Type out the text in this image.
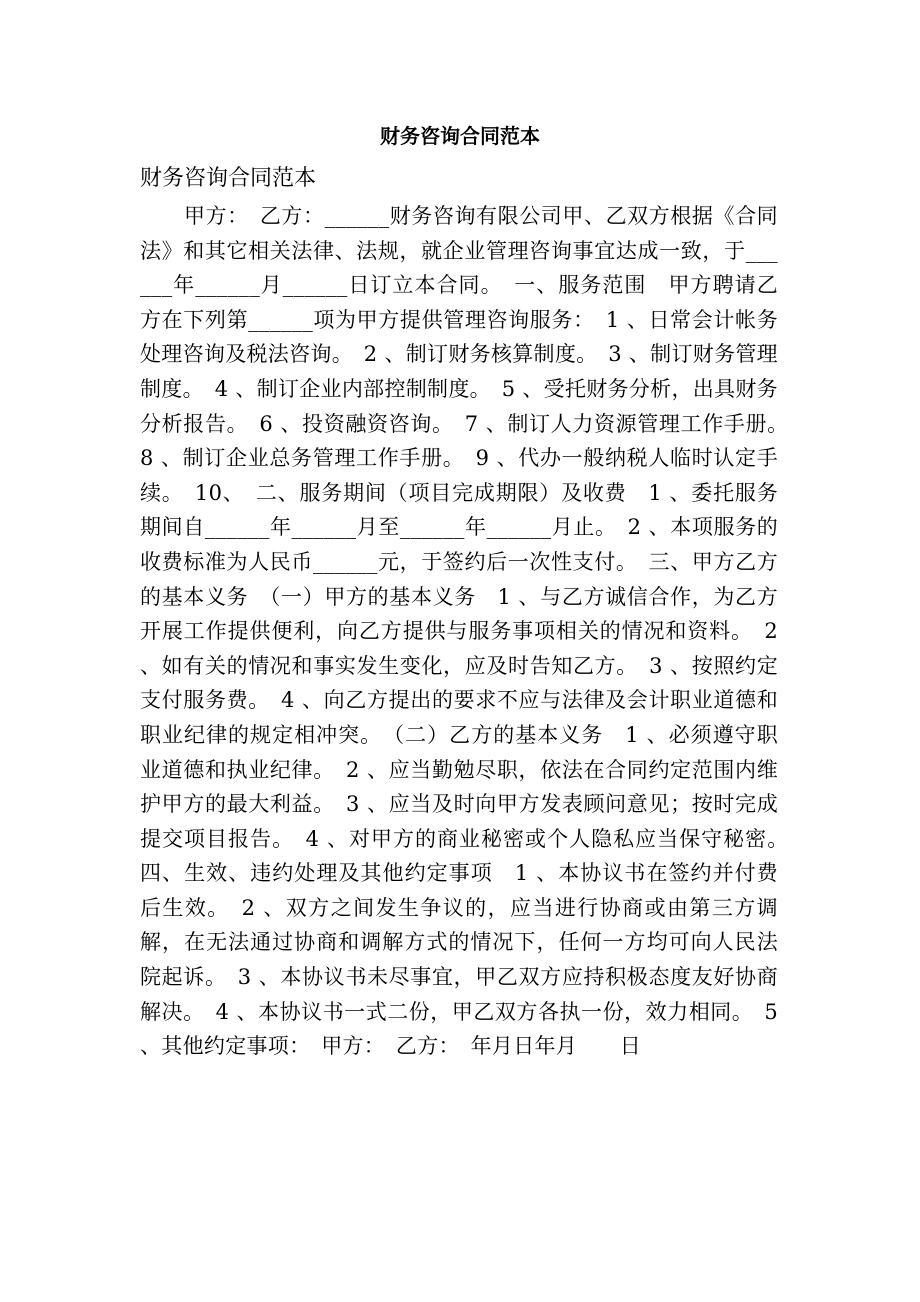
财务咨询合同范本

财务咨询合同范本

甲方：　乙方：______财务咨询有限公司甲、乙双方根据《合同法》和其它相关法律、法规，就企业管理咨询事宜达成一致，于______年______月______日订立本合同。　一、服务范围　甲方聘请乙方在下列第______项为甲方提供管理咨询服务：　1 、日常会计帐务处理咨询及税法咨询。　2 、制订财务核算制度。　3 、制订财务管理制度。　4 、制订企业内部控制制度。　5 、受托财务分析，出具财务分析报告。　6 、投资融资咨询。　7 、制订人力资源管理工作手册。　8 、制订企业总务管理工作手册。　9 、代办一般纳税人临时认定手续。　10、　二、服务期间（项目完成期限）及收费　1 、委托服务期间自______年______月至______年______月止。　2 、本项服务的收费标准为人民币______元，于签约后一次性支付。　三、甲方乙方的基本义务　（一）甲方的基本义务　1 、与乙方诚信合作，为乙方开展工作提供便利，向乙方提供与服务事项相关的情况和资料。　2 、如有关的情况和事实发生变化，应及时告知乙方。　3 、按照约定支付服务费。　4 、向乙方提出的要求不应与法律及会计职业道德和职业纪律的规定相冲突。　（二）乙方的基本义务　1 、必须遵守职业道德和执业纪律。　2 、应当勤勉尽职，依法在合同约定范围内维护甲方的最大利益。　3 、应当及时向甲方发表顾问意见；按时完成提交项目报告。　4 、对甲方的商业秘密或个人隐私应当保守秘密。　四、生效、违约处理及其他约定事项　1 、本协议书在签约并付费后生效。　2 、双方之间发生争议的，应当进行协商或由第三方调解，在无法通过协商和调解方式的情况下，任何一方均可向人民法院起诉。　3 、本协议书未尽事宜，甲乙双方应持积极态度友好协商解决。　4 、本协议书一式二份，甲乙双方各执一份，效力相同。　5 、其他约定事项：　甲方：　乙方：　年月日年月　　日
